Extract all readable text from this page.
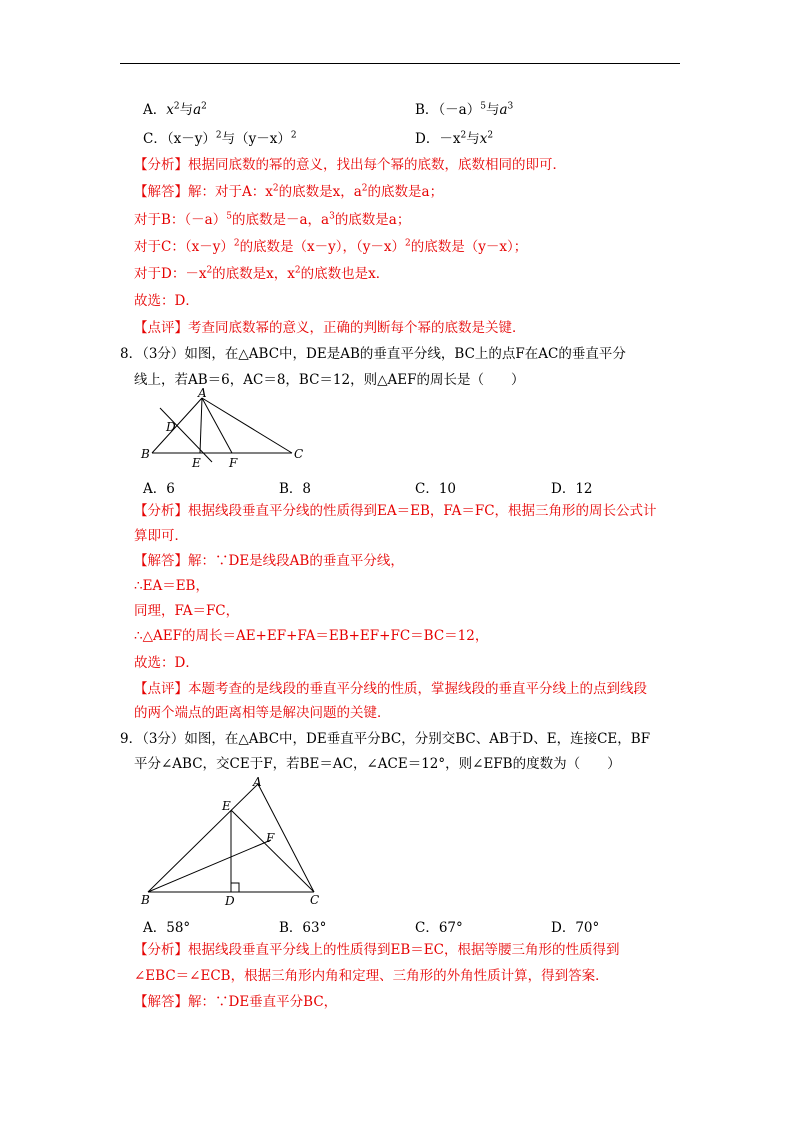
A．$x^2$与$a^2$	B．$(-a)^5$与$a^3$
C．$(x-y)^2$与$(y-x)^2$	D．$-x^2$与$x^2$
【分析】根据同底数的幂的意义，找出每个幂的底数，底数相同的即可．
【解答】解：对于A：$x^2$的底数是x，$a^2$的底数是a；
对于B：$(-a)^5$的底数是－a，$a^3$的底数是a；
对于C：$(x-y)^2$的底数是（x－y），$(y-x)^2$的底数是（y－x）；
对于D：$-x^2$的底数是x，$x^2$的底数也是x．
故选：D．
【点评】考查同底数幂的意义，正确的判断每个幂的底数是关键．
8．（3分）如图，在△ABC中，DE是AB的垂直平分线，BC上的点F在AC的垂直平分
线上，若AB＝6，AC＝8，BC＝12，则△AEF的周长是（　　）
A
B	C
D
E F
A．6	B．8	C．10	D．12
【分析】根据线段垂直平分线的性质得到EA＝EB，FA＝FC，根据三角形的周长公式计
算即可．
【解答】解：∵DE是线段AB的垂直平分线，
∴EA＝EB，
同理，FA＝FC，
∴△AEF的周长＝AE+EF+FA＝EB+EF+FC＝BC＝12，
故选：D．
【点评】本题考查的是线段的垂直平分线的性质，掌握线段的垂直平分线上的点到线段
的两个端点的距离相等是解决问题的关键．
9．（3分）如图，在△ABC中，DE垂直平分BC，分别交BC、AB于D、E，连接CE，BF
平分∠ABC，交CE于F，若BE＝AC，∠ACE＝12°，则∠EFB的度数为（　　）
A
B	C
D
E
F
A．58°	B．63°	C．67°	D．70°
【分析】根据线段垂直平分线上的性质得到EB＝EC，根据等腰三角形的性质得到
∠EBC＝∠ECB，根据三角形内角和定理、三角形的外角性质计算，得到答案．
【解答】解：∵DE垂直平分BC，
